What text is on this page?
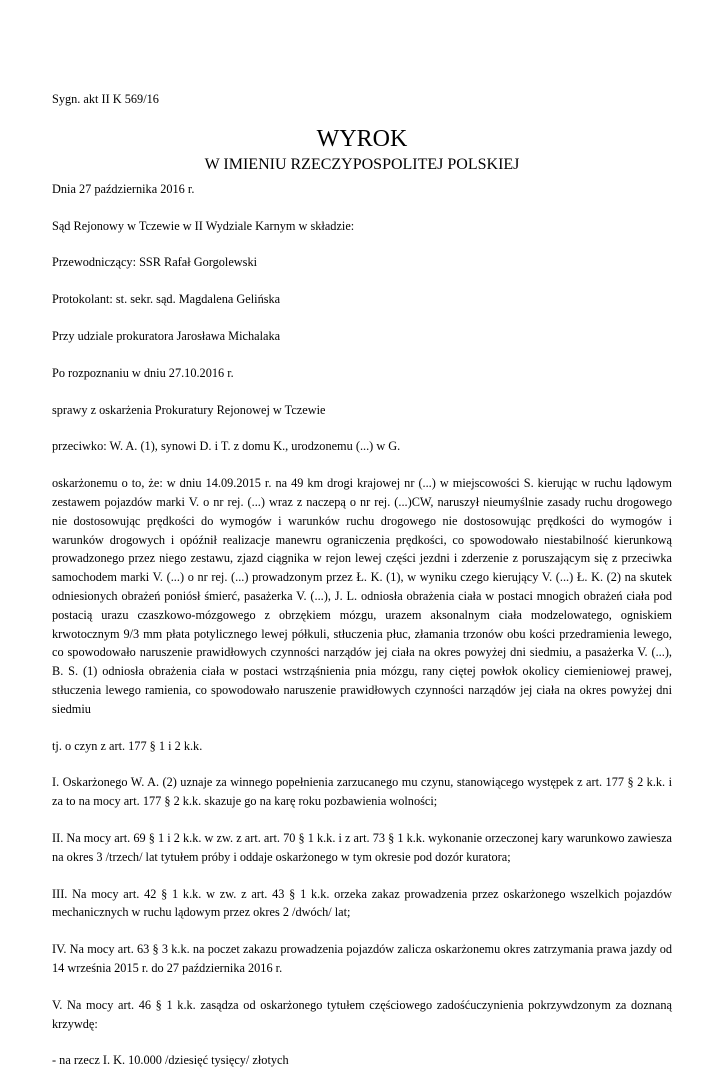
Sygn. akt II K 569/16

WYROK
W IMIENIU RZECZYPOSPOLITEJ POLSKIEJ

Dnia 27 października 2016 r.

Sąd Rejonowy w Tczewie w II Wydziale Karnym w składzie:

Przewodniczący: SSR Rafał Gorgolewski

Protokolant: st. sekr. sąd. Magdalena Gelińska

Przy udziale prokuratora Jarosława Michalaka

Po rozpoznaniu w dniu 27.10.2016 r.

sprawy z oskarżenia Prokuratury Rejonowej w Tczewie

przeciwko: W. A. (1), synowi D. i T. z domu K., urodzonemu (...) w G.

oskarżonemu o to, że: w dniu 14.09.2015 r. na 49 km drogi krajowej nr (...) w miejscowości S. kierując w ruchu lądowym zestawem pojazdów marki V. o nr rej. (...) wraz z naczepą o nr rej. (...)CW, naruszył nieumyślnie zasady ruchu drogowego nie dostosowując prędkości do wymogów i warunków ruchu drogowego nie dostosowując prędkości do wymogów i warunków drogowych i opóźnił realizacje manewru ograniczenia prędkości, co spowodowało niestabilność kierunkową prowadzonego przez niego zestawu, zjazd ciągnika w rejon lewej części jezdni i zderzenie z poruszającym się z przeciwka samochodem marki V. (...) o nr rej. (...) prowadzonym przez Ł. K. (1), w wyniku czego kierujący V. (...) Ł. K. (2) na skutek odniesionych obrażeń poniósł śmierć, pasażerka V. (...), J. L. odniosła obrażenia ciała w postaci mnogich obrażeń ciała pod postacią urazu czaszkowo-mózgowego z obrzękiem mózgu, urazem aksonalnym ciała modzelowatego, ogniskiem krwotocznym 9/3 mm płata potylicznego lewej półkuli, stłuczenia płuc, złamania trzonów obu kości przedramienia lewego, co spowodowało naruszenie prawidłowych czynności narządów jej ciała na okres powyżej dni siedmiu, a pasażerka V. (...), B. S. (1) odniosła obrażenia ciała w postaci wstrząśnienia pnia mózgu, rany ciętej powłok okolicy ciemieniowej prawej, stłuczenia lewego ramienia, co spowodowało naruszenie prawidłowych czynności narządów jej ciała na okres powyżej dni siedmiu

tj. o czyn z art. 177 § 1 i 2 k.k.

I. Oskarżonego W. A. (2) uznaje za winnego popełnienia zarzucanego mu czynu, stanowiącego występek z art. 177 § 2 k.k. i za to na mocy art. 177 § 2 k.k. skazuje go na karę roku pozbawienia wolności;

II. Na mocy art. 69 § 1 i 2 k.k. w zw. z art. art. 70 § 1 k.k. i z art. 73 § 1 k.k. wykonanie orzeczonej kary warunkowo zawiesza na okres 3 /trzech/ lat tytułem próby i oddaje oskarżonego w tym okresie pod dozór kuratora;

III. Na mocy art. 42 § 1 k.k. w zw. z art. 43 § 1 k.k. orzeka zakaz prowadzenia przez oskarżonego wszelkich pojazdów mechanicznych w ruchu lądowym przez okres 2 /dwóch/ lat;

IV. Na mocy art. 63 § 3 k.k. na poczet zakazu prowadzenia pojazdów zalicza oskarżonemu okres zatrzymania prawa jazdy od 14 września 2015 r. do 27 października 2016 r.

V. Na mocy art. 46 § 1 k.k. zasądza od oskarżonego tytułem częściowego zadośćuczynienia pokrzywdzonym za doznaną krzywdę:

- na rzecz I. K. 10.000 /dziesięć tysięcy/ złotych
